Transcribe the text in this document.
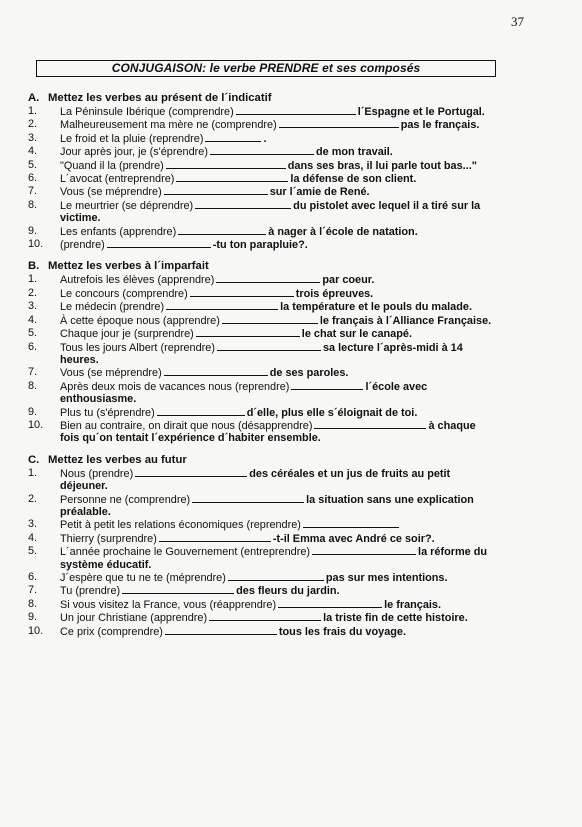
37
CONJUGAISON: le verbe PRENDRE et ses composés
A. Mettez les verbes au présent de l´indicatif
1.	La Péninsule Ibérique (comprendre)	l´Espagne et le Portugal.
2.	Malheureusement ma mère ne (comprendre)	pas le français.
3.	Le froid et la pluie (reprendre)	.
4.	Jour après jour, je (s'éprendre)	de mon travail.
5.	"Quand il la (prendre)	dans ses bras, il lui parle tout bas..."
6.	L´avocat (entreprendre)	la défense de son client.
7.	Vous (se méprendre)	sur l´amie de René.
8.	Le meurtrier (se déprendre)	du pistolet avec lequel il a tiré sur la victime.
9.	Les enfants (apprendre)	à nager à l´école de natation.
10.	(prendre)	-tu ton parapluie?.
B. Mettez les verbes à l´imparfait
1.	Autrefois les élèves (apprendre)	par coeur.
2.	Le concours (comprendre)	trois épreuves.
3.	Le médecin (prendre)	la température et le pouls du malade.
4.	À cette époque nous (apprendre)	le français à l´Alliance Française.
5.	Chaque jour je (surprendre)	le chat sur le canapé.
6.	Tous les jours Albert (reprendre)	sa lecture l´après-midi à 14 heures.
7.	Vous (se méprendre)	de ses paroles.
8.	Après deux mois de vacances nous (reprendre)	l´école avec enthousiasme.
9.	Plus tu (s'éprendre)	d´elle, plus elle s´éloignait de toi.
10.	Bien au contraire, on dirait que nous (désapprendre)	à chaque fois qu´on tentait l´expérience d´habiter ensemble.
C. Mettez les verbes au futur
1.	Nous (prendre)	des céréales et un jus de fruits au petit déjeuner.
2.	Personne ne (comprendre)	la situation sans une explication préalable.
3.	Petit à petit les relations économiques (reprendre)
4.	Thierry (surprendre)	-t-il Emma avec André ce soir?.
5.	L´année prochaine le Gouvernement (entreprendre)	la réforme du système éducatif.
6.	J´espère que tu ne te (méprendre)	pas sur mes intentions.
7.	Tu (prendre)	des fleurs du jardin.
8.	Si vous visitez la France, vous (réapprendre)	le français.
9.	Un jour Christiane (apprendre)	la triste fin de cette histoire.
10.	Ce prix (comprendre)	tous les frais du voyage.
